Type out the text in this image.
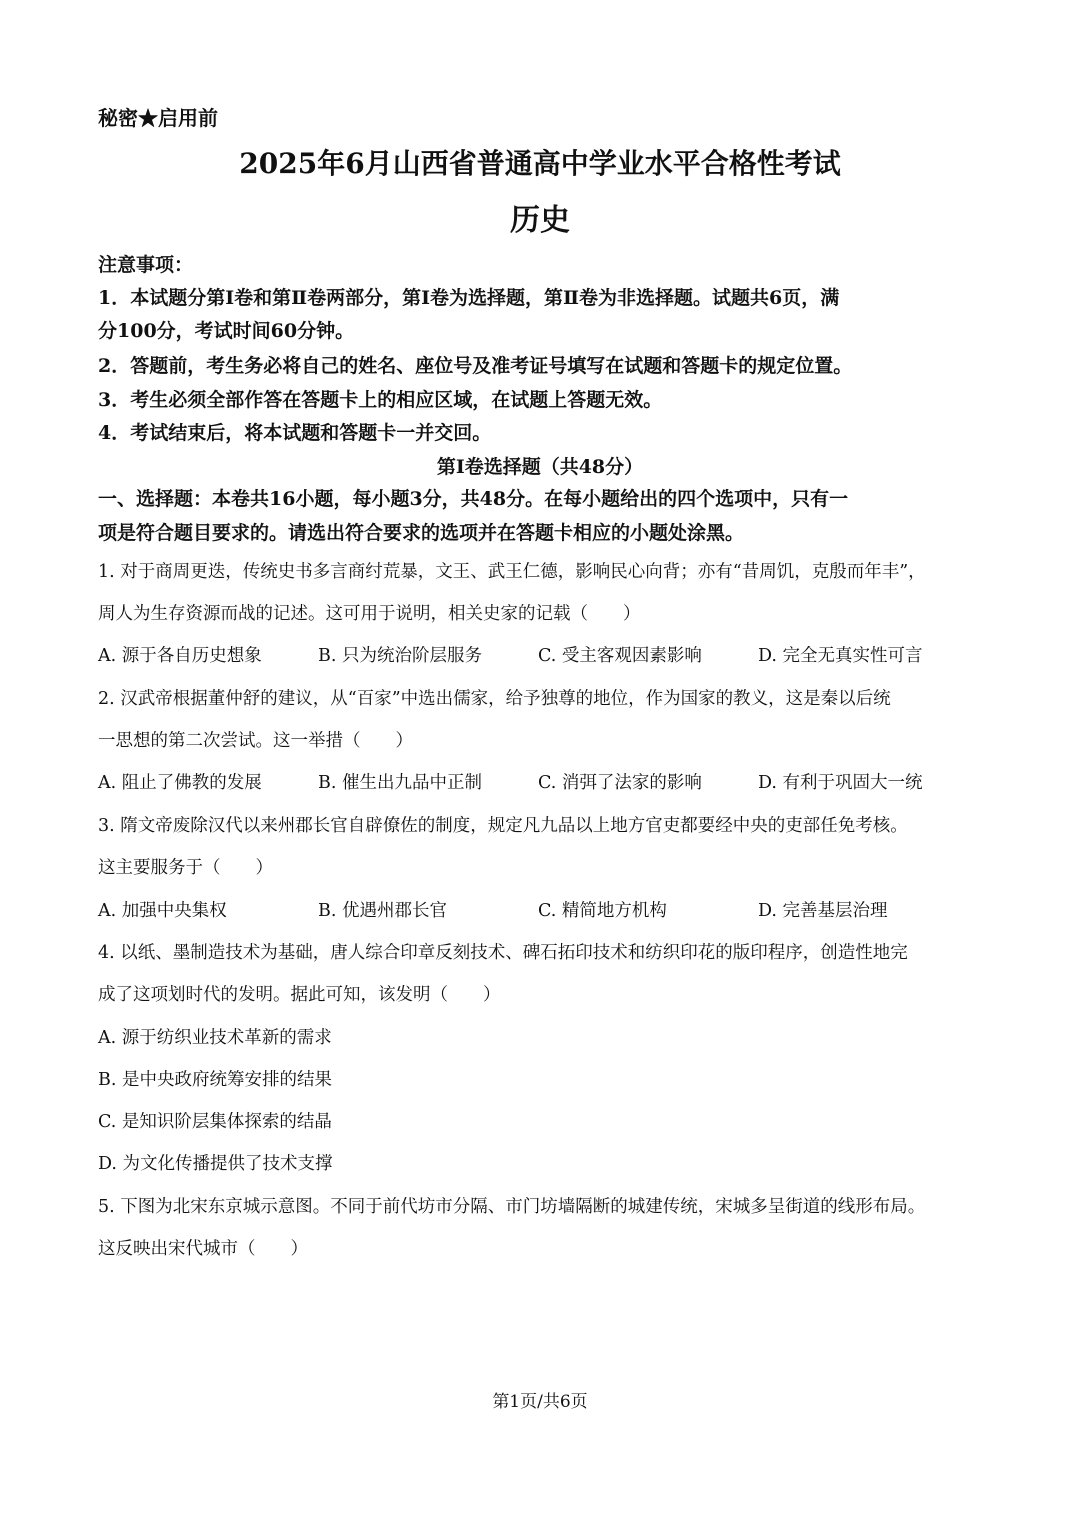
秘密★启用前
2025年6月山西省普通高中学业水平合格性考试
历史
注意事项：
1．本试题分第Ⅰ卷和第Ⅱ卷两部分，第Ⅰ卷为选择题，第Ⅱ卷为非选择题。试题共6页，满
分100分，考试时间60分钟。
2．答题前，考生务必将自己的姓名、座位号及准考证号填写在试题和答题卡的规定位置。
3．考生必须全部作答在答题卡上的相应区域，在试题上答题无效。
4．考试结束后，将本试题和答题卡一并交回。
第Ⅰ卷选择题（共48分）
一、选择题：本卷共16小题，每小题3分，共48分。在每小题给出的四个选项中，只有一
项是符合题目要求的。请选出符合要求的选项并在答题卡相应的小题处涂黑。
1. 对于商周更迭，传统史书多言商纣荒暴，文王、武王仁德，影响民心向背；亦有“昔周饥，克殷而年丰”，
周人为生存资源而战的记述。这可用于说明，相关史家的记载（　　）
A. 源于各自历史想象	B. 只为统治阶层服务	C. 受主客观因素影响	D. 完全无真实性可言
2. 汉武帝根据董仲舒的建议，从“百家”中选出儒家，给予独尊的地位，作为国家的教义，这是秦以后统
一思想的第二次尝试。这一举措（　　）
A. 阻止了佛教的发展	B. 催生出九品中正制	C. 消弭了法家的影响	D. 有利于巩固大一统
3. 隋文帝废除汉代以来州郡长官自辟僚佐的制度，规定凡九品以上地方官吏都要经中央的吏部任免考核。
这主要服务于（　　）
A. 加强中央集权	B. 优遇州郡长官	C. 精简地方机构	D. 完善基层治理
4. 以纸、墨制造技术为基础，唐人综合印章反刻技术、碑石拓印技术和纺织印花的版印程序，创造性地完
成了这项划时代的发明。据此可知，该发明（　　）
A. 源于纺织业技术革新的需求
B. 是中央政府统筹安排的结果
C. 是知识阶层集体探索的结晶
D. 为文化传播提供了技术支撑
5. 下图为北宋东京城示意图。不同于前代坊市分隔、市门坊墙隔断的城建传统，宋城多呈街道的线形布局。
这反映出宋代城市（　　）
第1页/共6页
